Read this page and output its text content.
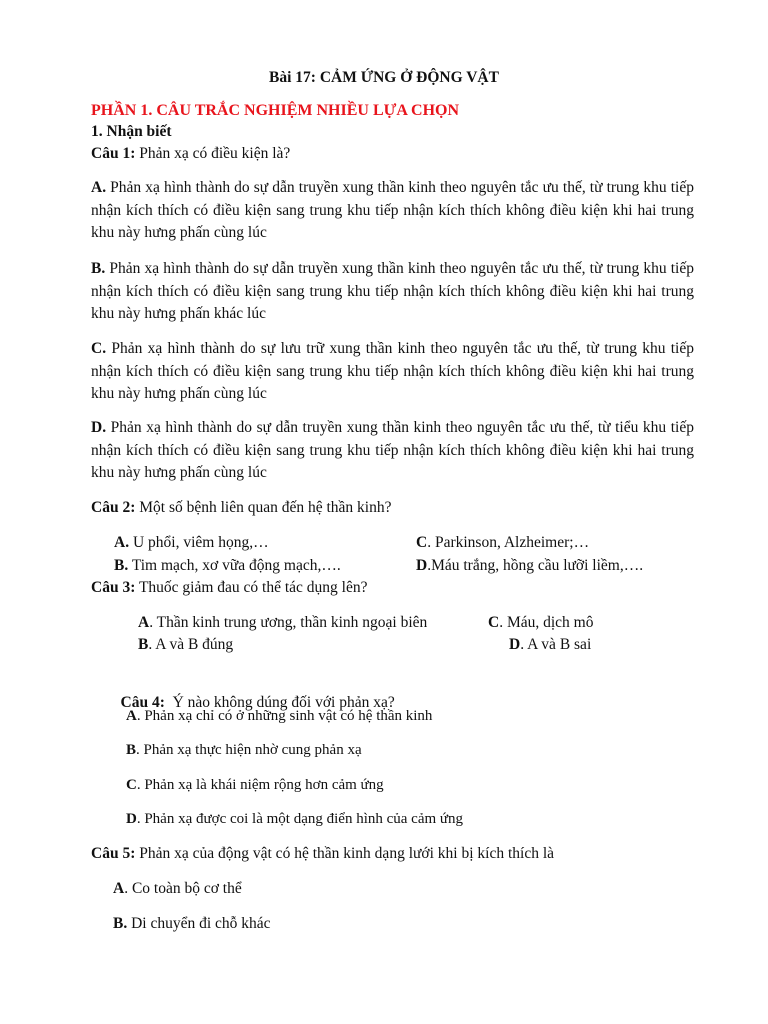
Bài 17: CẢM ỨNG Ở ĐỘNG VẬT
PHẦN 1. CÂU TRẮC NGHIỆM NHIỀU LỰA CHỌN
1. Nhận biết
Câu 1: Phản xạ có điều kiện là?
A. Phản xạ hình thành do sự dẫn truyền xung thần kinh theo nguyên tắc ưu thế, từ trung khu tiếp nhận kích thích có điều kiện sang trung khu tiếp nhận kích thích không điều kiện khi hai trung khu này hưng phấn cùng lúc
B. Phản xạ hình thành do sự dẫn truyền xung thần kinh theo nguyên tắc ưu thế, từ trung khu tiếp nhận kích thích có điều kiện sang trung khu tiếp nhận kích thích không điều kiện khi hai trung khu này hưng phấn khác lúc
C. Phản xạ hình thành do sự lưu trữ xung thần kinh theo nguyên tắc ưu thế, từ trung khu tiếp nhận kích thích có điều kiện sang trung khu tiếp nhận kích thích không điều kiện khi hai trung khu này hưng phấn cùng lúc
D. Phản xạ hình thành do sự dẫn truyền xung thần kinh theo nguyên tắc ưu thế, từ tiểu khu tiếp nhận kích thích có điều kiện sang trung khu tiếp nhận kích thích không điều kiện khi hai trung khu này hưng phấn cùng lúc
Câu 2: Một số bệnh liên quan đến hệ thần kinh?
A. U phổi, viêm họng,…	C. Parkinson, Alzheimer;…
B. Tim mạch, xơ vữa động mạch,….	D.Máu trắng, hồng cầu lưỡi liềm,….
Câu 3: Thuốc giảm đau có thể tác dụng lên?
A. Thần kinh trung ương, thần kinh ngoại biên	C. Máu, dịch mô
B. A và B đúng	D. A và B sai

Câu 4:  Ý nào không dúng đối với phản xạ?

A. Phản xạ chỉ có ở những sinh vật có hệ thần kinh
B. Phản xạ thực hiện nhờ cung phản xạ
C. Phản xạ là khái niệm rộng hơn cảm ứng
D. Phản xạ được coi là một dạng điển hình của cảm ứng
Câu 5: Phản xạ của động vật có hệ thần kinh dạng lưới khi bị kích thích là
A. Co toàn bộ cơ thể
B. Di chuyển đi chỗ khác
